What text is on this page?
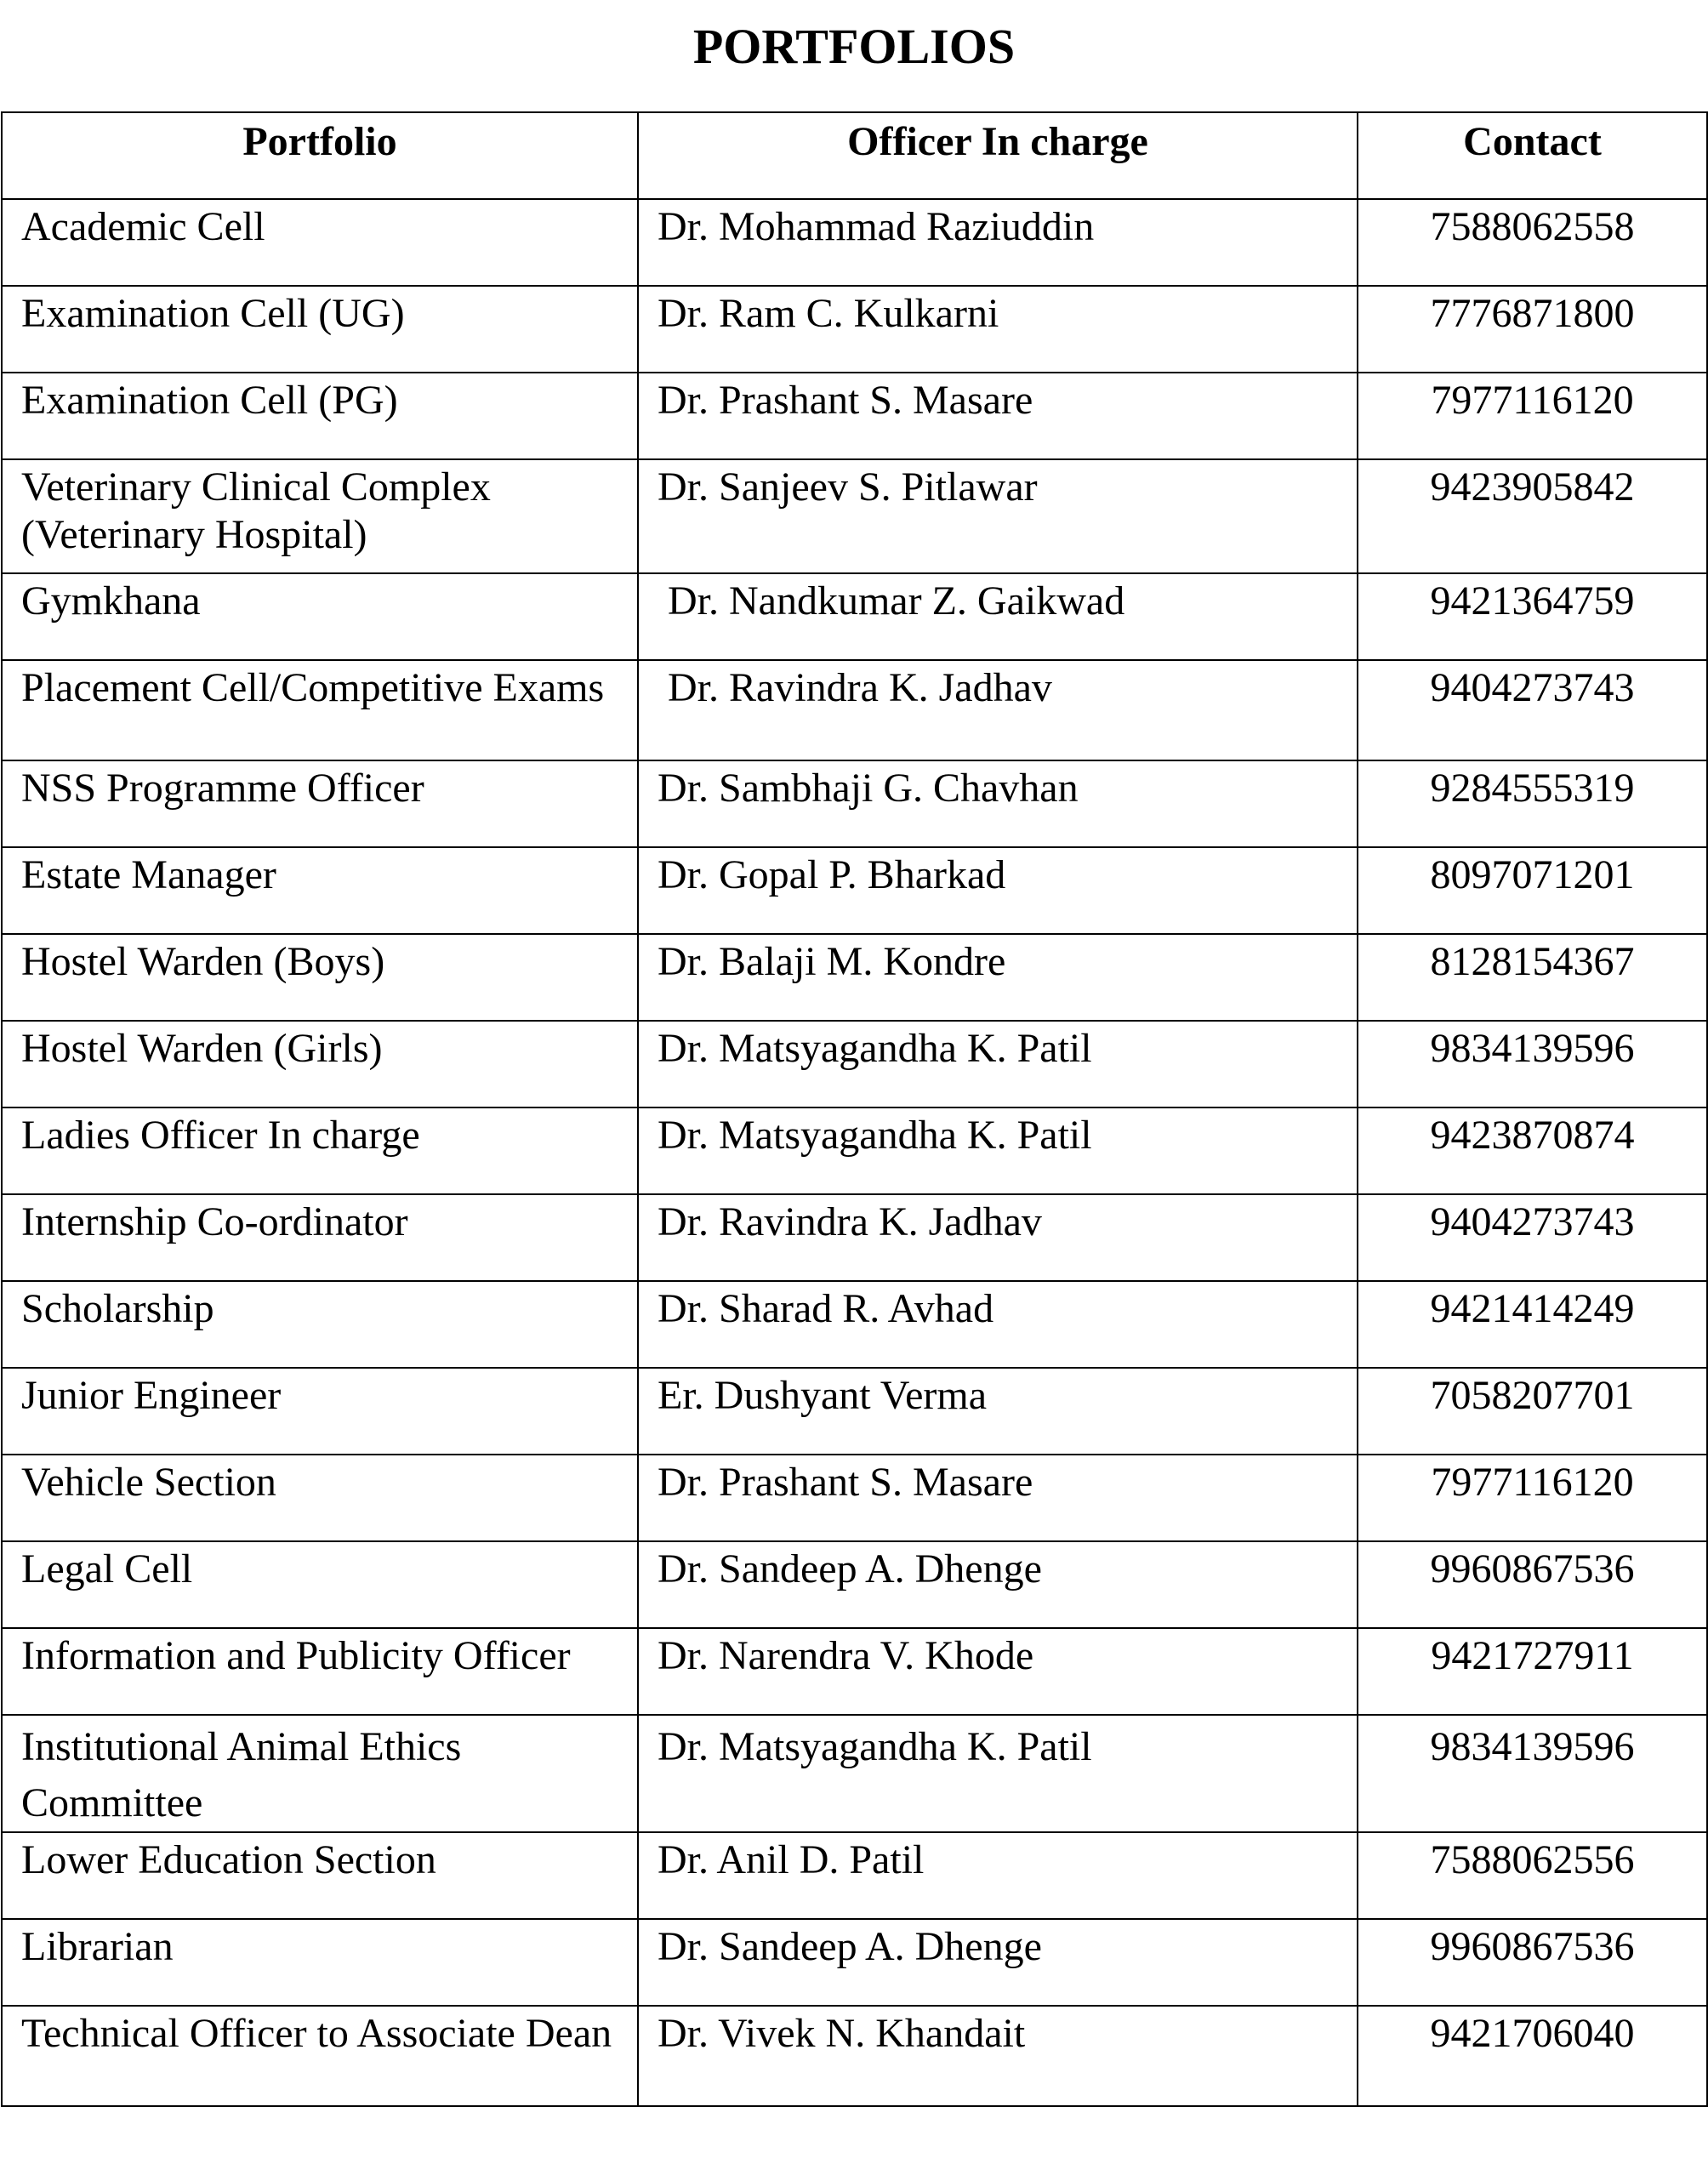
PORTFOLIOS
Portfolio	Officer In charge	Contact
Academic Cell	Dr. Mohammad Raziuddin	7588062558
Examination Cell (UG)	Dr. Ram C. Kulkarni	7776871800
Examination Cell (PG)	Dr. Prashant S. Masare	7977116120
Veterinary Clinical Complex (Veterinary Hospital)	Dr. Sanjeev S. Pitlawar	9423905842
Gymkhana	Dr. Nandkumar Z. Gaikwad	9421364759
Placement Cell/Competitive Exams	Dr. Ravindra K. Jadhav	9404273743
NSS Programme Officer	Dr. Sambhaji G. Chavhan	9284555319
Estate Manager	Dr. Gopal P. Bharkad	8097071201
Hostel Warden (Boys)	Dr. Balaji M. Kondre	8128154367
Hostel Warden (Girls)	Dr. Matsyagandha K. Patil	9834139596
Ladies Officer In charge	Dr. Matsyagandha K. Patil	9423870874
Internship Co-ordinator	Dr. Ravindra K. Jadhav	9404273743
Scholarship	Dr. Sharad R. Avhad	9421414249
Junior Engineer	Er. Dushyant Verma	7058207701
Vehicle Section	Dr. Prashant S. Masare	7977116120
Legal Cell	Dr. Sandeep A. Dhenge	9960867536
Information and Publicity Officer	Dr. Narendra V. Khode	9421727911
Institutional Animal Ethics Committee	Dr. Matsyagandha K. Patil	9834139596
Lower Education Section	Dr. Anil D. Patil	7588062556
Librarian	Dr. Sandeep A. Dhenge	9960867536
Technical Officer to Associate Dean	Dr. Vivek N. Khandait	9421706040
